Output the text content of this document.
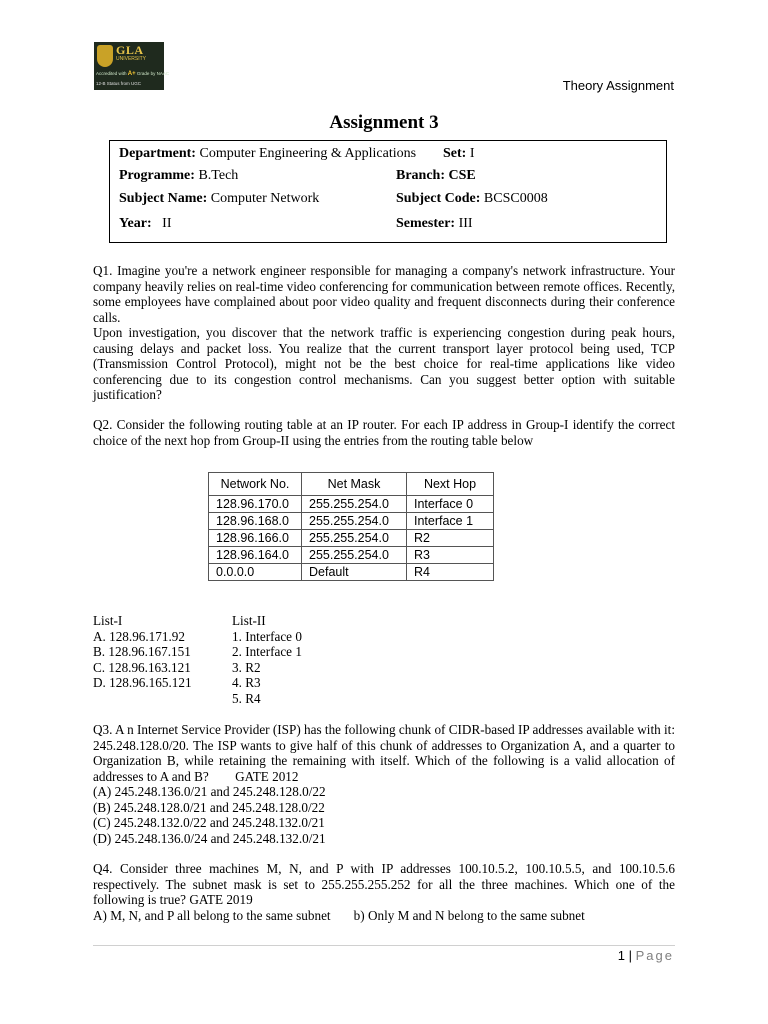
GLA
UNIVERSITY
Accredited with A+ Grade by NAAC
12-B Status from UGC	Theory Assignment
Assignment 3
Department: Computer Engineering & Applications Set: I
Programme: B.Tech	Branch: CSE
Subject Name: Computer Network	Subject Code: BCSC0008
Year: II	Semester: III

Q1. Imagine you're a network engineer responsible for managing a company's network infrastructure. Your company heavily relies on real-time video conferencing for communication between remote offices. Recently, some employees have complained about poor video quality and frequent disconnects during their conference calls.

Upon investigation, you discover that the network traffic is experiencing congestion during peak hours, causing delays and packet loss. You realize that the current transport layer protocol being used, TCP (Transmission Control Protocol), might not be the best choice for real-time applications like video conferencing due to its congestion control mechanisms. Can you suggest better option with suitable justification?

Q2. Consider the following routing table at an IP router. For each IP address in Group-I identify the correct choice of the next hop from Group-II using the entries from the routing table below

Network No.	Net Mask	Next Hop
128.96.170.0	255.255.254.0	Interface 0
128.96.168.0	255.255.254.0	Interface 1
128.96.166.0	255.255.254.0	R2
128.96.164.0	255.255.254.0	R3
0.0.0.0	Default	R4
List-I
A. 128.96.171.92
B. 128.96.167.151
C. 128.96.163.121
D. 128.96.165.121
List-II
1. Interface 0
2. Interface 1
3. R2
4. R3
5. R4

Q3. A n Internet Service Provider (ISP) has the following chunk of CIDR-based IP addresses available with it: 245.248.128.0/20. The ISP wants to give half of this chunk of addresses to Organization A, and a quarter to Organization B, while retaining the remaining with itself. Which of the following is a valid allocation of addresses to A and B? GATE 2012

(A) 245.248.136.0/21 and 245.248.128.0/22

(B) 245.248.128.0/21 and 245.248.128.0/22

(C) 245.248.132.0/22 and 245.248.132.0/21

(D) 245.248.136.0/24 and 245.248.132.0/21

Q4. Consider three machines M, N, and P with IP addresses 100.10.5.2, 100.10.5.5, and 100.10.5.6 respectively. The subnet mask is set to 255.255.255.252 for all the three machines. Which one of the following is true? GATE 2019

A) M, N, and P all belong to the same subnet b) Only M and N belong to the same subnet

1 | Page
